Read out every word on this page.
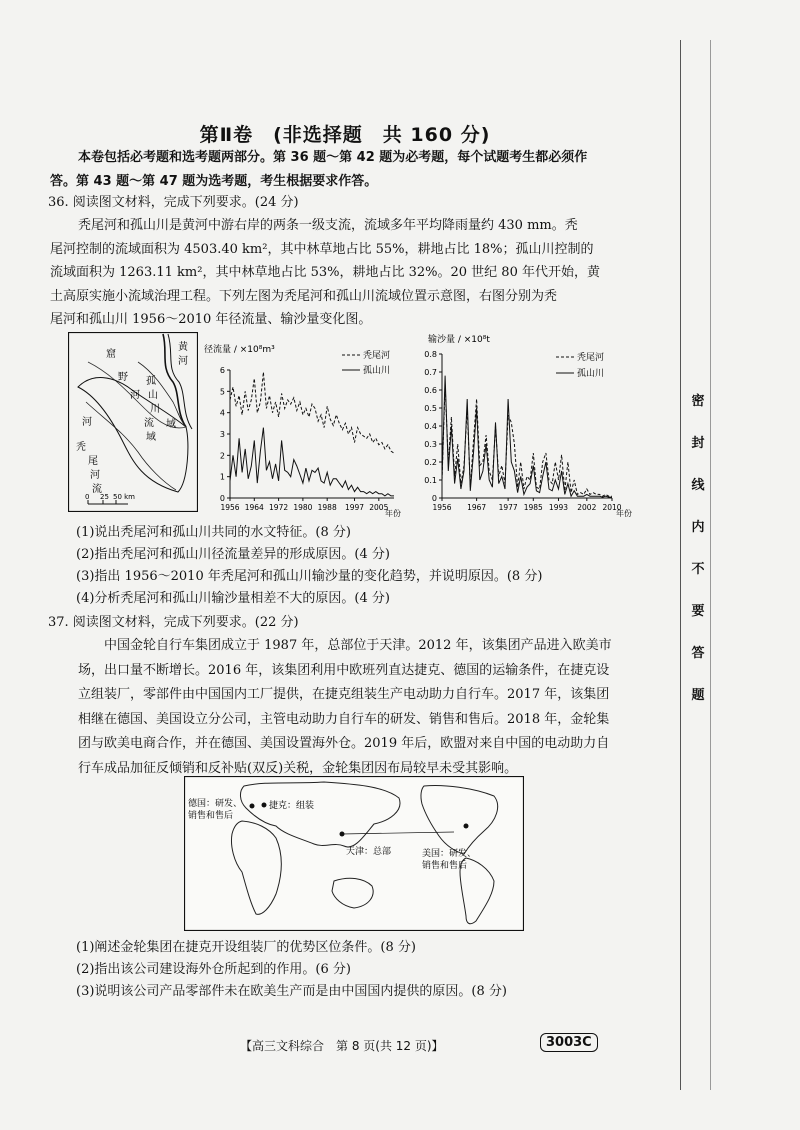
第Ⅱ卷　(非选择题　共 160 分)
本卷包括必考题和选考题两部分。第 36 题～第 42 题为必考题，每个试题考生都必须作
答。第 43 题～第 47 题为选考题，考生根据要求作答。
36. 阅读图文材料，完成下列要求。(24 分)
秃尾河和孤山川是黄河中游右岸的两条一级支流，流域多年平均降雨量约 430 mm。秃
尾河控制的流域面积为 4503.40 km²，其中林草地占比 55%，耕地占比 18%；孤山川控制的
流域面积为 1263.11 km²，其中林草地占比 53%，耕地占比 32%。20 世纪 80 年代开始，黄
土高原实施小流域治理工程。下列左图为秃尾河和孤山川流域位置示意图，右图分别为秃
尾河和孤山川 1956～2010 年径流量、输沙量变化图。
黄
河
窟
野
河
孤
山
川
河
秃
尾
河
流
域
流
域
0 25 50 km
径流量 / ×10⁸m³
0
1
2
3
4
5
6
1956 1964 1972 1980 1988 1997 2005
年份
秃尾河
孤山川
输沙量 / ×10⁸t
0
0.1
0.2
0.3
0.4
0.5
0.6
0.7
0.8
1956 1967 1977 1985 1993 2002 2010
年份
秃尾河
孤山川
(1)说出秃尾河和孤山川共同的水文特征。(8 分)
(2)指出秃尾河和孤山川径流量差异的形成原因。(4 分)
(3)指出 1956～2010 年秃尾河和孤山川输沙量的变化趋势，并说明原因。(8 分)
(4)分析秃尾河和孤山川输沙量相差不大的原因。(4 分)
37. 阅读图文材料，完成下列要求。(22 分)
中国金轮自行车集团成立于 1987 年，总部位于天津。2012 年，该集团产品进入欧美市
场，出口量不断增长。2016 年，该集团利用中欧班列直达捷克、德国的运输条件，在捷克设
立组装厂，零部件由中国国内工厂提供，在捷克组装生产电动助力自行车。2017 年，该集团
相继在德国、美国设立分公司，主管电动助力自行车的研发、销售和售后。2018 年，金轮集
团与欧美电商合作，并在德国、美国设置海外仓。2019 年后，欧盟对来自中国的电动助力自
行车成品加征反倾销和反补贴(双反)关税，金轮集团因布局较早未受其影响。
德国：研发、
销售和售后
捷克：组装
天津：总部	美国：研发、
销售和售后
(1)阐述金轮集团在捷克开设组装厂的优势区位条件。(8 分)
(2)指出该公司建设海外仓所起到的作用。(6 分)
(3)说明该公司产品零部件未在欧美生产而是由中国国内提供的原因。(8 分)
【高三文科综合　第 8 页(共 12 页)】	3003C
密
封
线
内
不
要
答
题
